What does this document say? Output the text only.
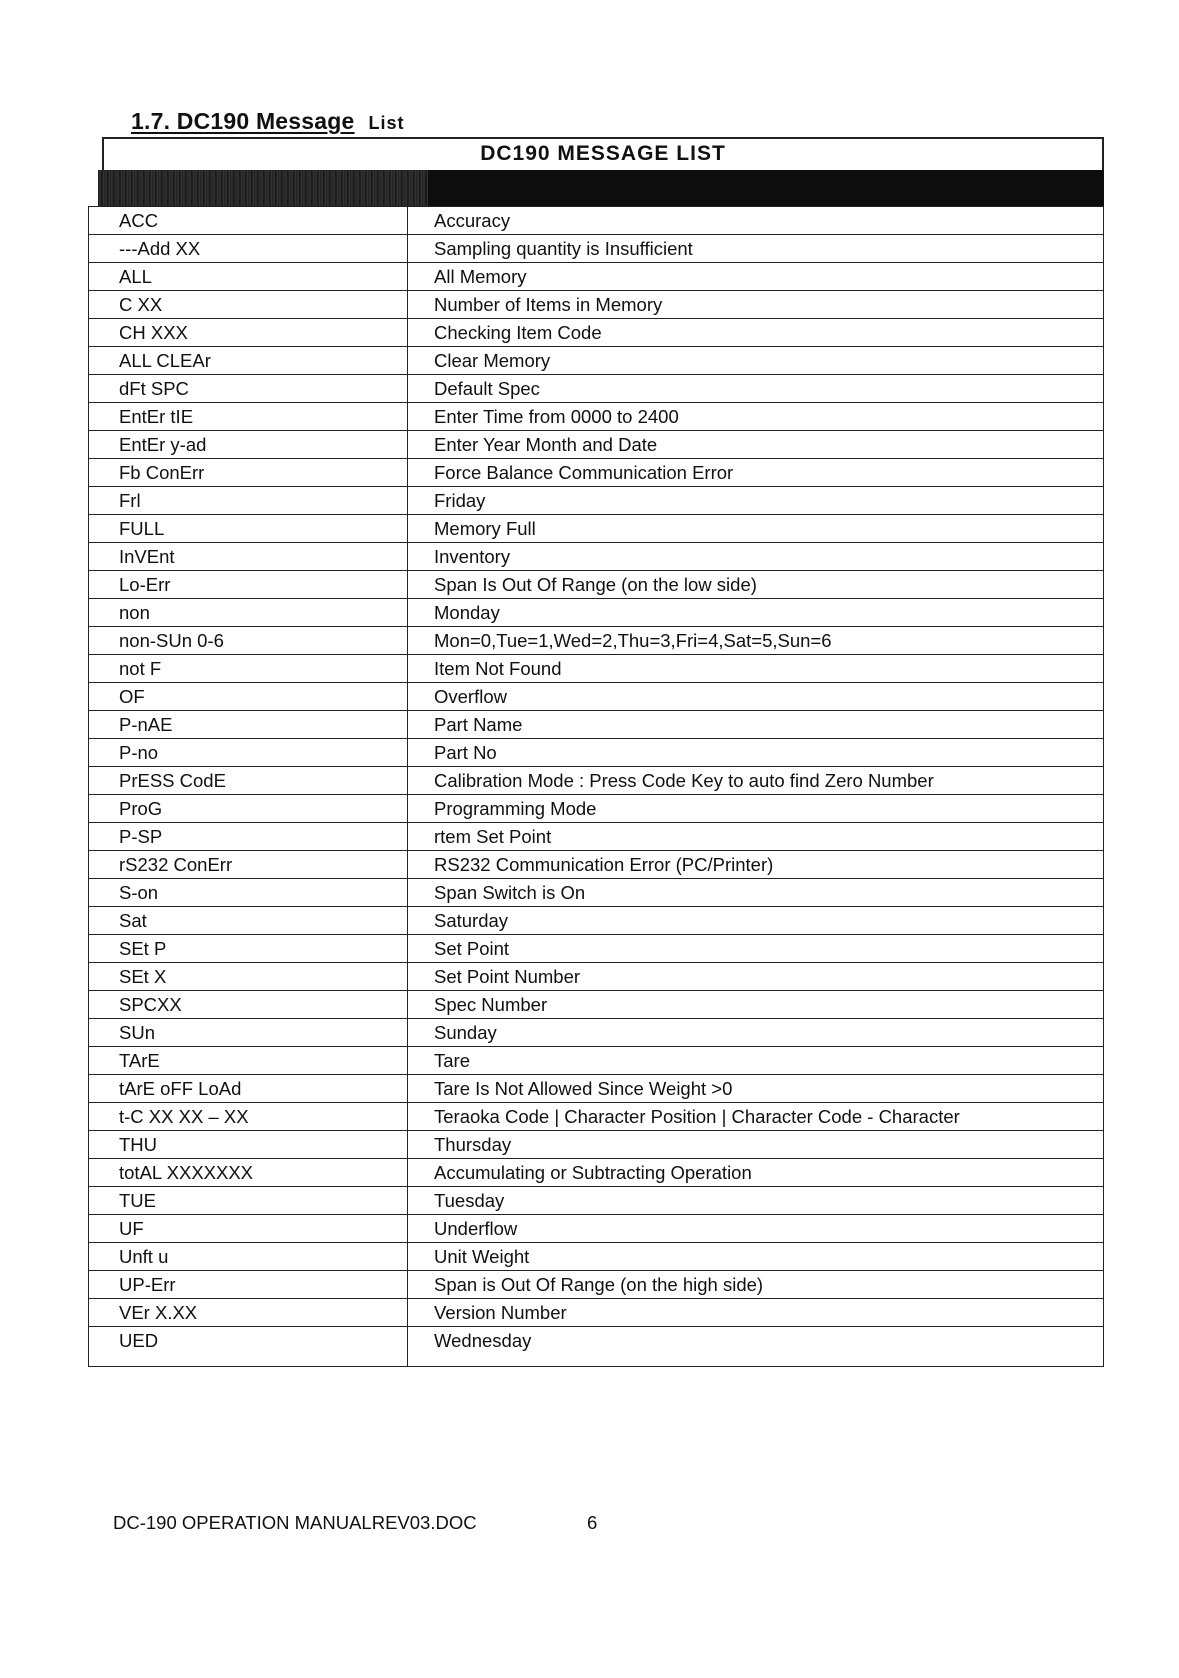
1.7. DC190 Message List
DC190 MESSAGE LIST
ACC	Accuracy
---Add XX	Sampling quantity is Insufficient
ALL	All Memory
C XX	Number of Items in Memory
CH XXX	Checking Item Code
ALL CLEAr	Clear Memory
dFt SPC	Default Spec
EntEr tIE	Enter Time from 0000 to 2400
EntEr y-ad	Enter Year Month and Date
Fb ConErr	Force Balance Communication Error
Frl	Friday
FULL	Memory Full
InVEnt	Inventory
Lo-Err	Span Is Out Of Range (on the low side)
non	Monday
non-SUn 0-6	Mon=0,Tue=1,Wed=2,Thu=3,Fri=4,Sat=5,Sun=6
not F	Item Not Found
OF	Overflow
P-nAE	Part Name
P-no	Part No
PrESS CodE	Calibration Mode : Press Code Key to auto find Zero Number
ProG	Programming Mode
P-SP	rtem Set Point
rS232 ConErr	RS232 Communication Error (PC/Printer)
S-on	Span Switch is On
Sat	Saturday
SEt P	Set Point
SEt X	Set Point Number
SPCXX	Spec Number
SUn	Sunday
TArE	Tare
tArE oFF LoAd	Tare Is Not Allowed Since Weight >0
t-C XX XX – XX	Teraoka Code | Character Position | Character Code - Character
THU	Thursday
totAL XXXXXXX	Accumulating or Subtracting Operation
TUE	Tuesday
UF	Underflow
Unft u	Unit Weight
UP-Err	Span is Out Of Range (on the high side)
VEr X.XX	Version Number
UED	Wednesday
DC-190 OPERATION MANUALREV03.DOC	6
